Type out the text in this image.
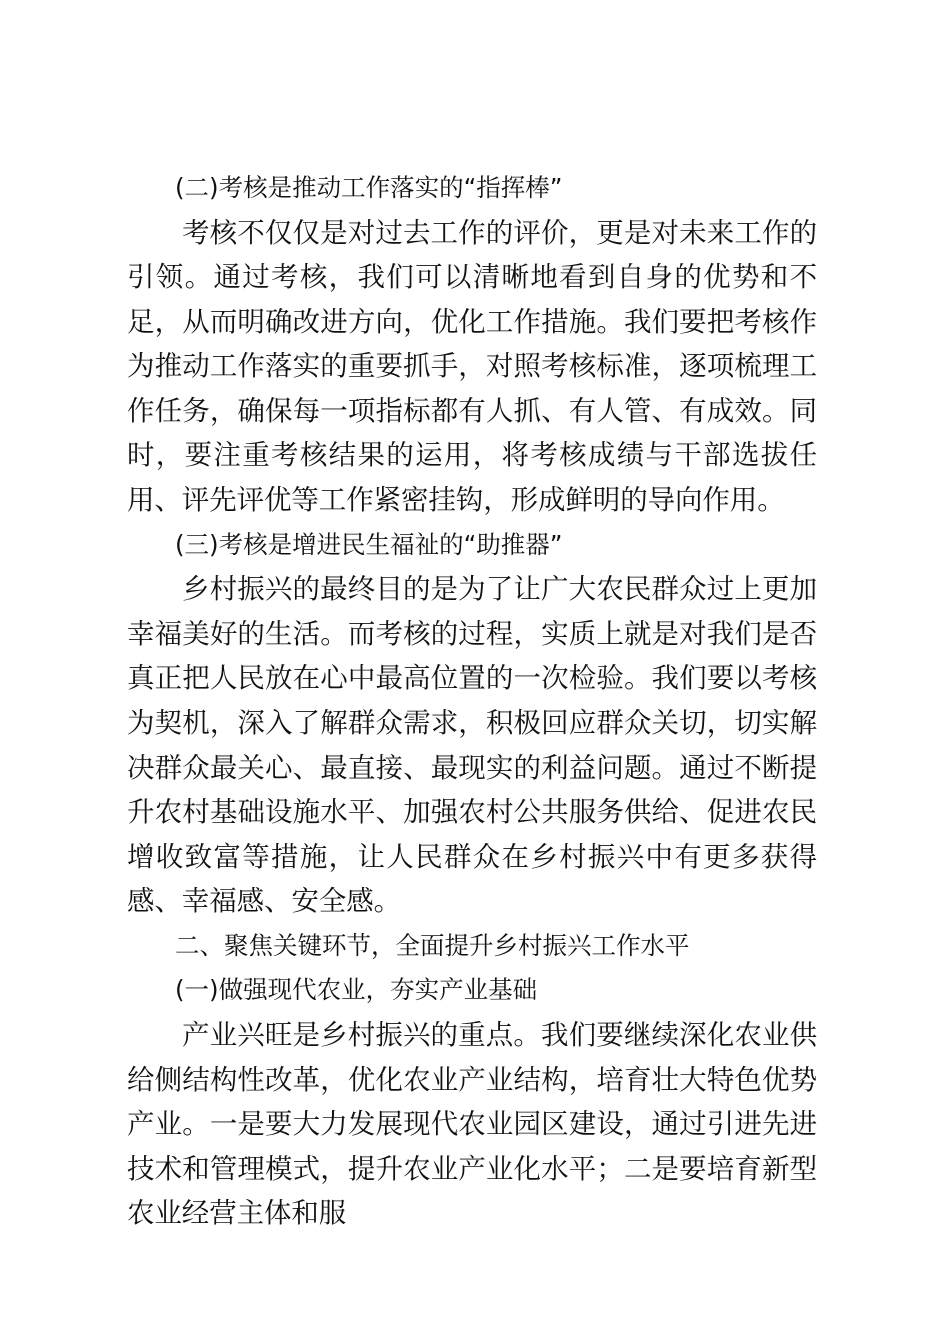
(二)考核是推动工作落实的“指挥棒”

考核不仅仅是对过去工作的评价，更是对未来工作的引领。通过考核，我们可以清晰地看到自身的优势和不足，从而明确改进方向，优化工作措施。我们要把考核作为推动工作落实的重要抓手，对照考核标准，逐项梳理工作任务，确保每一项指标都有人抓、有人管、有成效。同时，要注重考核结果的运用，将考核成绩与干部选拔任用、评先评优等工作紧密挂钩，形成鲜明的导向作用。

(三)考核是增进民生福祉的“助推器”

乡村振兴的最终目的是为了让广大农民群众过上更加幸福美好的生活。而考核的过程，实质上就是对我们是否真正把人民放在心中最高位置的一次检验。我们要以考核为契机，深入了解群众需求，积极回应群众关切，切实解决群众最关心、最直接、最现实的利益问题。通过不断提升农村基础设施水平、加强农村公共服务供给、促进农民增收致富等措施，让人民群众在乡村振兴中有更多获得感、幸福感、安全感。

二、聚焦关键环节，全面提升乡村振兴工作水平

(一)做强现代农业，夯实产业基础

产业兴旺是乡村振兴的重点。我们要继续深化农业供给侧结构性改革，优化农业产业结构，培育壮大特色优势产业。一是要大力发展现代农业园区建设，通过引进先进技术和管理模式，提升农业产业化水平；二是要培育新型农业经营主体和服
